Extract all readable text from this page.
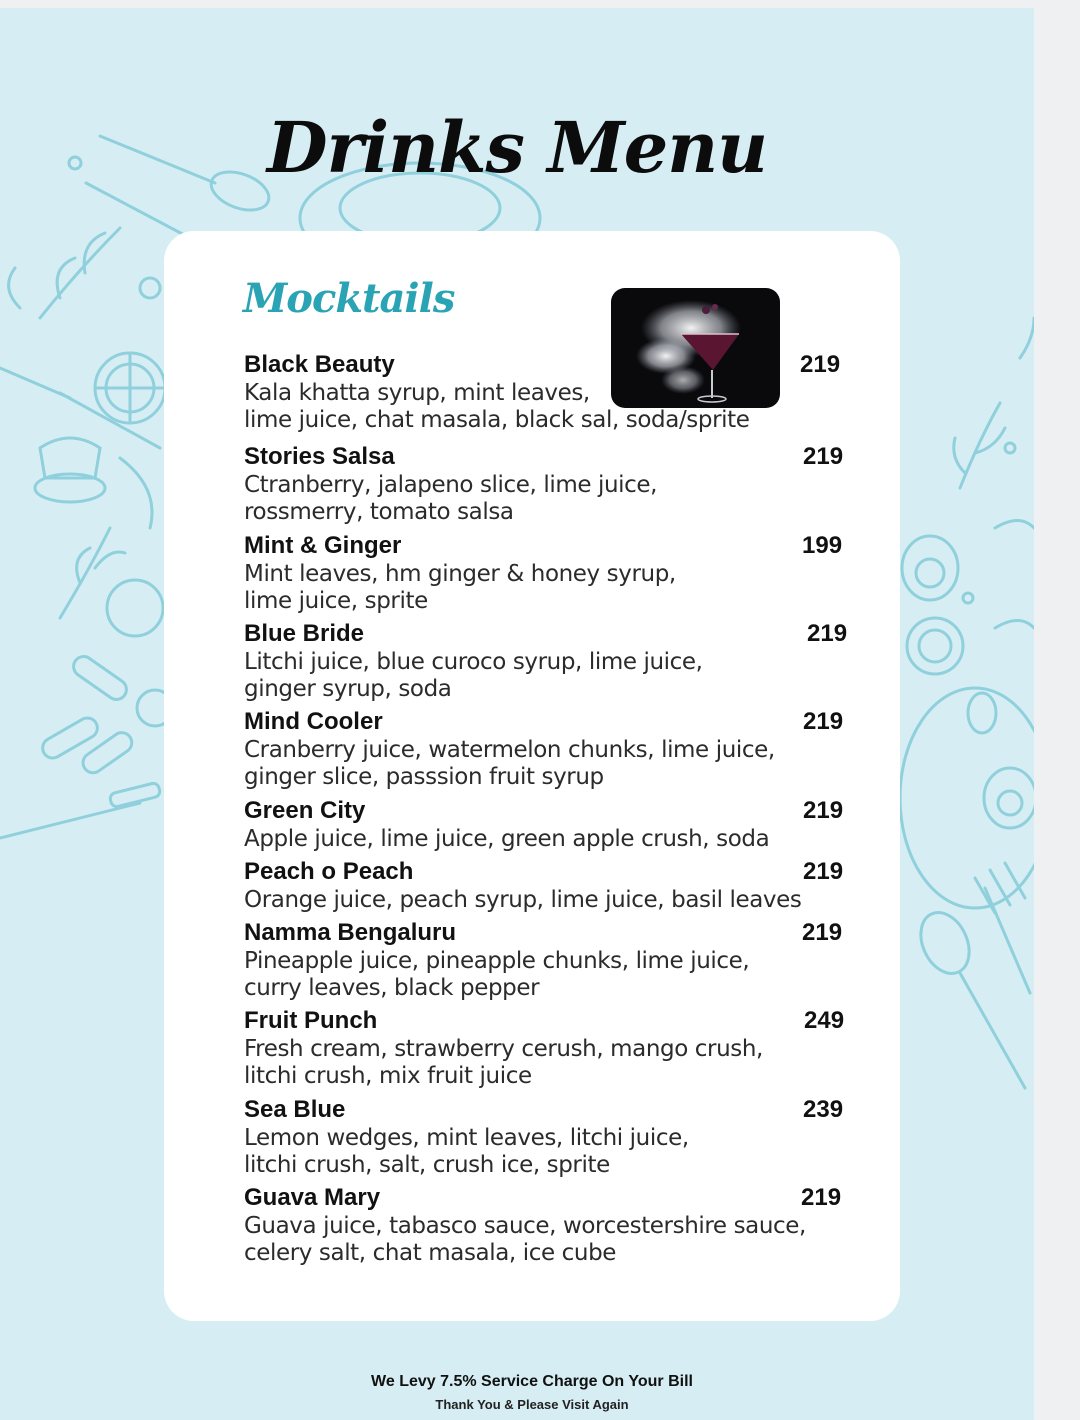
Drinks Menu
Mocktails
Black Beauty	219
Kala khatta syrup, mint leaves,
lime juice, chat masala, black sal, soda/sprite
Stories Salsa	219
Ctranberry, jalapeno slice, lime juice,
rossmerry, tomato salsa
Mint & Ginger	199
Mint leaves, hm ginger & honey syrup,
lime juice, sprite
Blue Bride	219
Litchi juice, blue curoco syrup, lime juice,
ginger syrup, soda
Mind Cooler	219
Cranberry juice, watermelon chunks, lime juice,
ginger slice, passsion fruit syrup
Green City	219
Apple juice, lime juice, green apple crush, soda
Peach o Peach	219
Orange juice, peach syrup, lime juice, basil leaves
Namma Bengaluru	219
Pineapple juice, pineapple chunks, lime juice,
curry leaves, black pepper
Fruit Punch	249
Fresh cream, strawberry cerush, mango crush,
litchi crush, mix fruit juice
Sea Blue	239
Lemon wedges, mint leaves, litchi juice,
litchi crush, salt, crush ice, sprite
Guava Mary	219
Guava juice, tabasco sauce, worcestershire sauce,
celery salt, chat masala, ice cube
We Levy 7.5% Service Charge On Your Bill
Thank You & Please Visit Again
